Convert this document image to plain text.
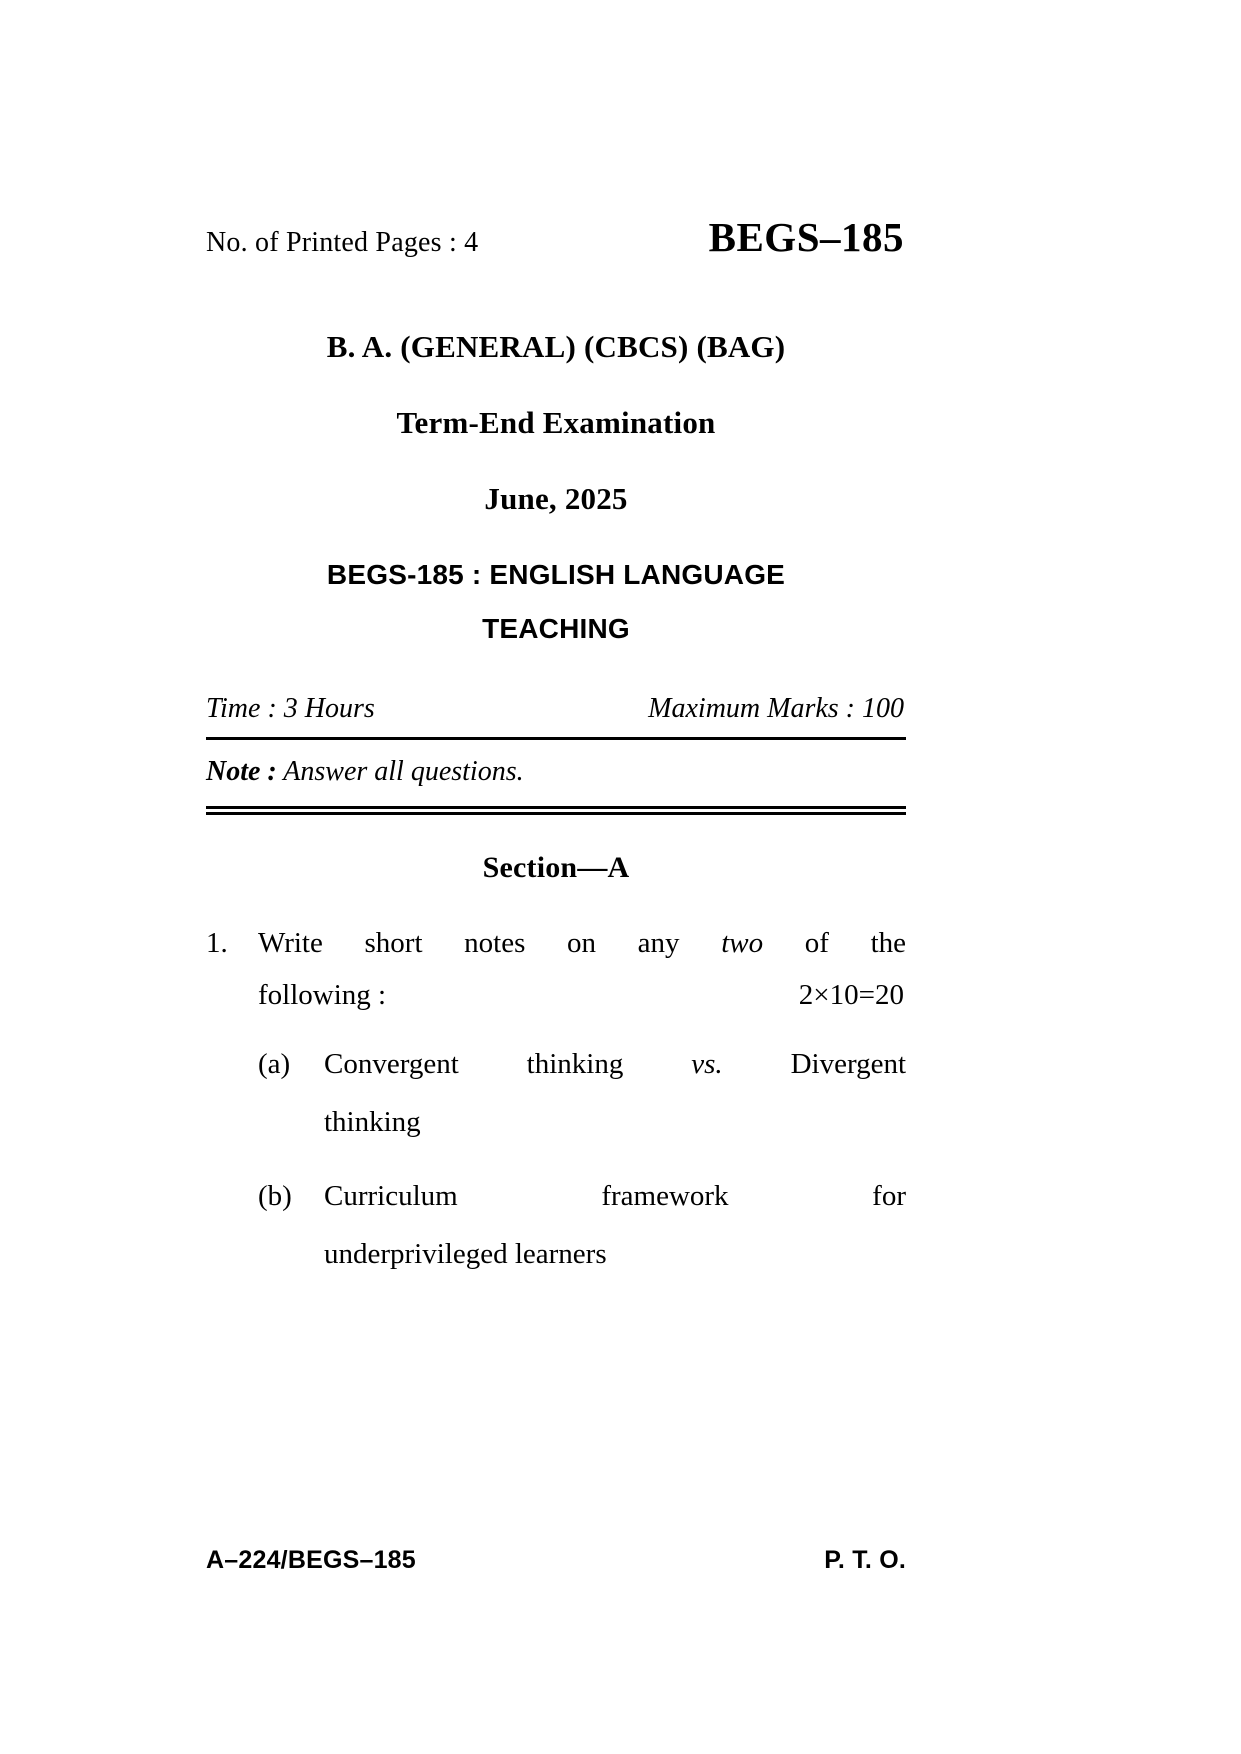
No. of Printed Pages : 4	BEGS–185
B. A. (GENERAL) (CBCS) (BAG)
Term-End Examination
June, 2025
BEGS-185 : ENGLISH LANGUAGE
TEACHING
Time : 3 Hours	Maximum Marks : 100
Note : Answer all questions.
Section—A
1.	Write short notes on any two of the
following :	2×10=20
(a)	Convergent thinking vs. Divergent
thinking
(b)	Curriculum framework for
underprivileged learners
A–224/BEGS–185	P. T. O.
